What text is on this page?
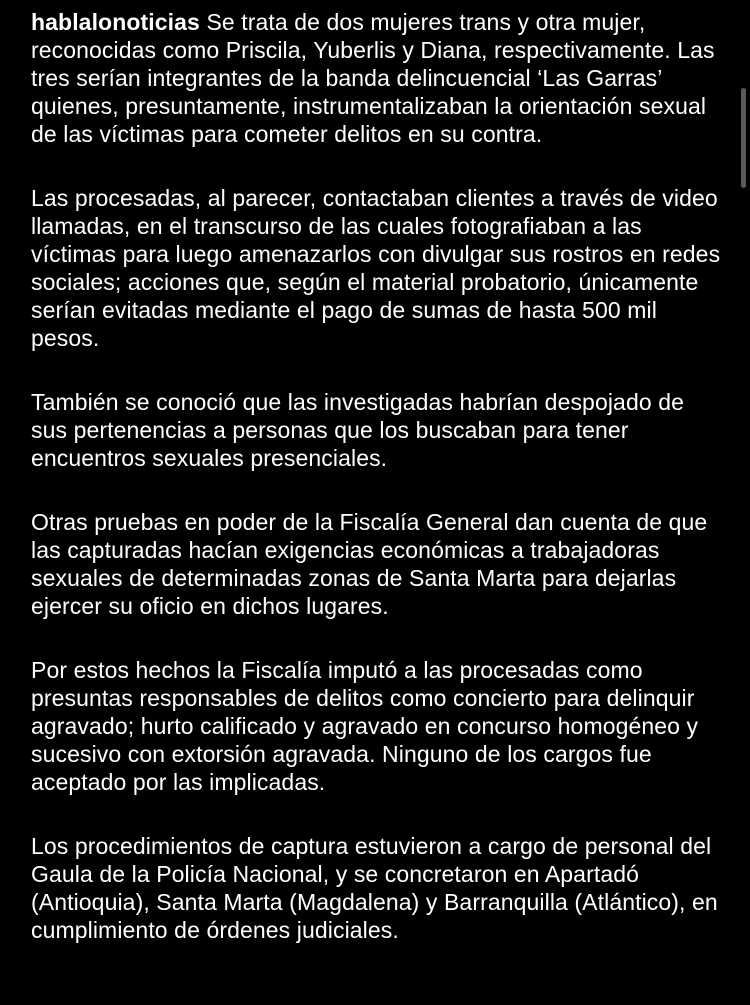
hablalonoticias Se trata de dos mujeres trans y otra mujer, reconocidas como Priscila, Yuberlis y Diana, respectivamente. Las tres serían integrantes de la banda delincuencial ‘Las Garras’ quienes, presuntamente, instrumentalizaban la orientación sexual de las víctimas para cometer delitos en su contra.

Las procesadas, al parecer, contactaban clientes a través de video llamadas, en el transcurso de las cuales fotografiaban a las víctimas para luego amenazarlos con divulgar sus rostros en redes sociales; acciones que, según el material probatorio, únicamente serían evitadas mediante el pago de sumas de hasta 500 mil pesos.

También se conoció que las investigadas habrían despojado de sus pertenencias a personas que los buscaban para tener encuentros sexuales presenciales.

Otras pruebas en poder de la Fiscalía General dan cuenta de que las capturadas hacían exigencias económicas a trabajadoras sexuales de determinadas zonas de Santa Marta para dejarlas ejercer su oficio en dichos lugares.

Por estos hechos la Fiscalía imputó a las procesadas como presuntas responsables de delitos como concierto para delinquir agravado; hurto calificado y agravado en concurso homogéneo y sucesivo con extorsión agravada. Ninguno de los cargos fue aceptado por las implicadas.

Los procedimientos de captura estuvieron a cargo de personal del Gaula de la Policía Nacional, y se concretaron en Apartadó (Antioquia), Santa Marta (Magdalena) y Barranquilla (Atlántico), en cumplimiento de órdenes judiciales.
